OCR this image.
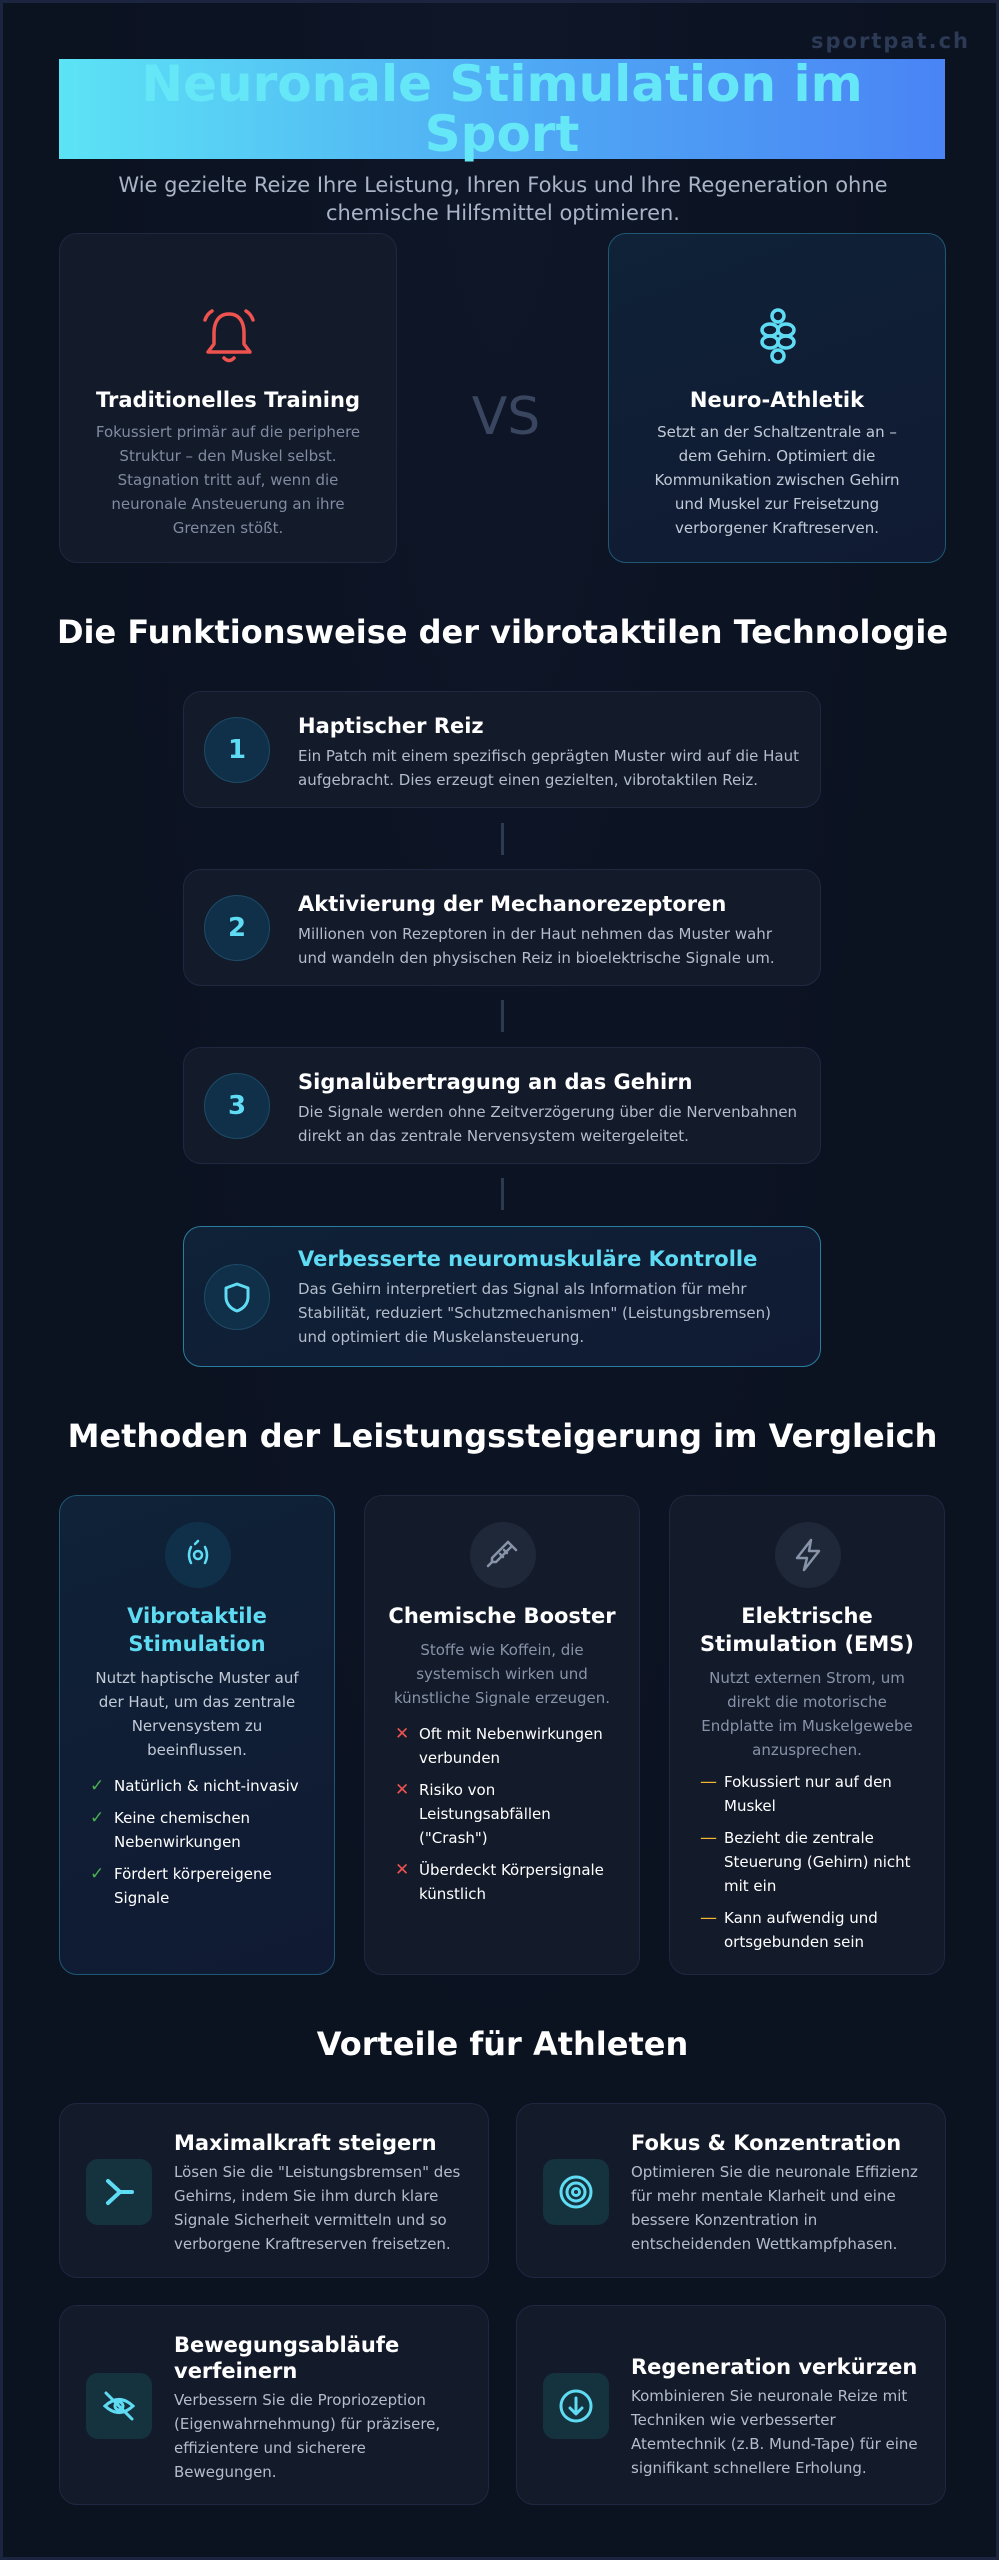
sportpat.ch
Neuronale Stimulation im Sport
Wie gezielte Reize Ihre Leistung, Ihren Fokus und Ihre Regeneration ohne chemische Hilfsmittel optimieren.
Traditionelles Training
Fokussiert primär auf die periphere Struktur – den Muskel selbst. Stagnation tritt auf, wenn die neuronale Ansteuerung an ihre Grenzen stößt.
VS	Neuro-Athletik
Setzt an der Schaltzentrale an – dem Gehirn. Optimiert die Kommunikation zwischen Gehirn und Muskel zur Freisetzung verborgener Kraftreserven.
Die Funktionsweise der vibrotaktilen Technologie
1
Haptischer Reiz
Ein Patch mit einem spezifisch geprägten Muster wird auf die Haut aufgebracht. Dies erzeugt einen gezielten, vibrotaktilen Reiz.
2
Aktivierung der Mechanorezeptoren
Millionen von Rezeptoren in der Haut nehmen das Muster wahr und wandeln den physischen Reiz in bioelektrische Signale um.
3
Signalübertragung an das Gehirn
Die Signale werden ohne Zeitverzögerung über die Nervenbahnen direkt an das zentrale Nervensystem weitergeleitet.
Verbesserte neuromuskuläre Kontrolle
Das Gehirn interpretiert das Signal als Information für mehr Stabilität, reduziert "Schutzmechanismen" (Leistungsbremsen) und optimiert die Muskelansteuerung.
Methoden der Leistungssteigerung im Vergleich
Vibrotaktile Stimulation
Nutzt haptische Muster auf der Haut, um das zentrale Nervensystem zu beeinflussen.
✓ Natürlich & nicht-invasiv
✓ Keine chemischen Nebenwirkungen
✓ Fördert körpereigene Signale
Chemische Booster
Stoffe wie Koffein, die systemisch wirken und künstliche Signale erzeugen.
✕ Oft mit Nebenwirkungen verbunden
✕ Risiko von Leistungsabfällen ("Crash")
✕ Überdeckt Körpersignale künstlich
Elektrische Stimulation (EMS)
Nutzt externen Strom, um direkt die motorische Endplatte im Muskelgewebe anzusprechen.
— Fokussiert nur auf den Muskel
— Bezieht die zentrale Steuerung (Gehirn) nicht mit ein
— Kann aufwendig und ortsgebunden sein
Vorteile für Athleten
Maximalkraft steigern
Lösen Sie die "Leistungsbremsen" des Gehirns, indem Sie ihm durch klare Signale Sicherheit vermitteln und so verborgene Kraftreserven freisetzen.
Fokus & Konzentration
Optimieren Sie die neuronale Effizienz für mehr mentale Klarheit und eine bessere Konzentration in entscheidenden Wettkampfphasen.
Bewegungsabläufe verfeinern
Verbessern Sie die Propriozeption (Eigenwahrnehmung) für präzisere, effizientere und sicherere Bewegungen.
Regeneration verkürzen
Kombinieren Sie neuronale Reize mit Techniken wie verbesserter Atemtechnik (z.B. Mund-Tape) für eine signifikant schnellere Erholung.
